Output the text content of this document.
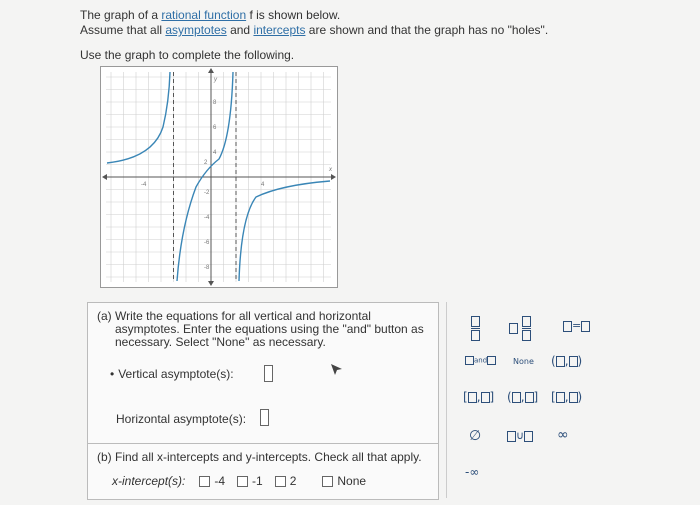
The graph of a rational function f is shown below.
Assume that all asymptotes and intercepts are shown and that the graph has no "holes".
Use the graph to complete the following.
8
6
4
2
-2
-4
-6
-8
-4	4
y
x
(a) Write the equations for all vertical and horizontal
asymptotes. Enter the equations using the "and" button as
necessary. Select "None" as necessary.
• Vertical asymptote(s):
Horizontal asymptote(s):
(b) Find all x-intercepts and y-intercepts. Check all that apply.
x-intercept(s): -4 -1 2	None

=
and	None ( , )
[ , ] ( , ] [ , )
∅	∪	∞
-∞
